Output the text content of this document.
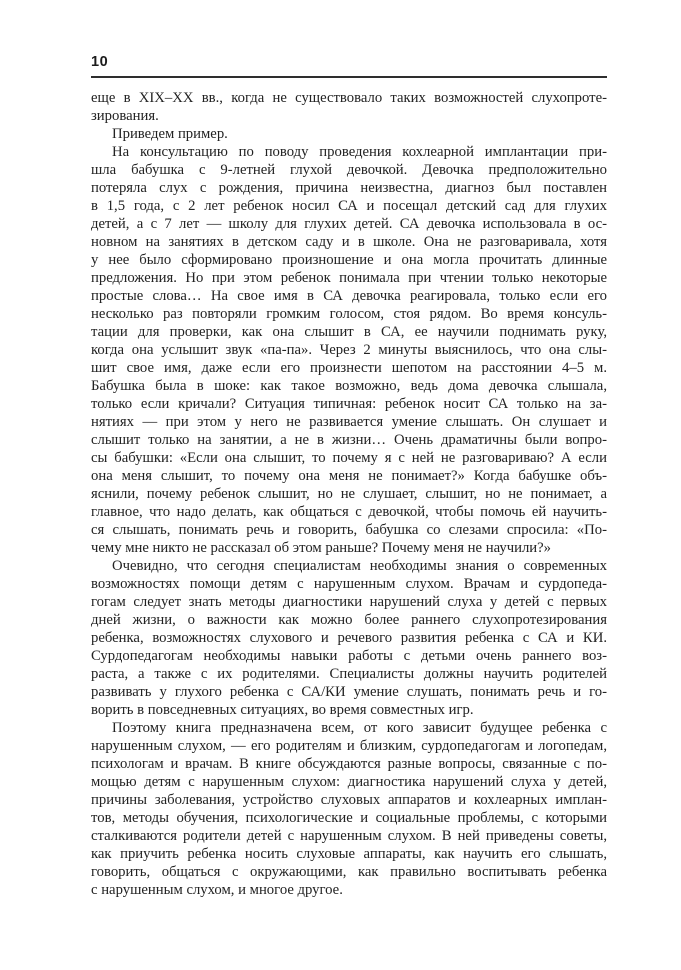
10
еще в XIX–XX вв., когда не существовало таких возможностей слухопроте-
зирования.
Приведем пример.
На консультацию по поводу проведения кохлеарной имплантации при-
шла бабушка с 9-летней глухой девочкой. Девочка предположительно
потеряла слух с рождения, причина неизвестна, диагноз был поставлен
в 1,5 года, с 2 лет ребенок носил СА и посещал детский сад для глухих
детей, а с 7 лет — школу для глухих детей. СА девочка использовала в ос-
новном на занятиях в детском саду и в школе. Она не разговаривала, хотя
у нее было сформировано произношение и она могла прочитать длинные
предложения. Но при этом ребенок понимала при чтении только некоторые
простые слова… На свое имя в СА девочка реагировала, только если его
несколько раз повторяли громким голосом, стоя рядом. Во время консуль-
тации для проверки, как она слышит в СА, ее научили поднимать руку,
когда она услышит звук «па-па». Через 2 минуты выяснилось, что она слы-
шит свое имя, даже если его произнести шепотом на расстоянии 4–5 м.
Бабушка была в шоке: как такое возможно, ведь дома девочка слышала,
только если кричали? Ситуация типичная: ребенок носит СА только на за-
нятиях — при этом у него не развивается умение слышать. Он слушает и
слышит только на занятии, а не в жизни… Очень драматичны были вопро-
сы бабушки: «Если она слышит, то почему я с ней не разговариваю? А если
она меня слышит, то почему она меня не понимает?» Когда бабушке объ-
яснили, почему ребенок слышит, но не слушает, слышит, но не понимает, а
главное, что надо делать, как общаться с девочкой, чтобы помочь ей научить-
ся слышать, понимать речь и говорить, бабушка со слезами спросила: «По-
чему мне никто не рассказал об этом раньше? Почему меня не научили?»
Очевидно, что сегодня специалистам необходимы знания о современных
возможностях помощи детям с нарушенным слухом. Врачам и сурдопеда-
гогам следует знать методы диагностики нарушений слуха у детей с первых
дней жизни, о важности как можно более раннего слухопротезирования
ребенка, возможностях слухового и речевого развития ребенка с СА и КИ.
Сурдопедагогам необходимы навыки работы с детьми очень раннего воз-
раста, а также с их родителями. Специалисты должны научить родителей
развивать у глухого ребенка с СА/КИ умение слушать, понимать речь и го-
ворить в повседневных ситуациях, во время совместных игр.
Поэтому книга предназначена всем, от кого зависит будущее ребенка с
нарушенным слухом, — его родителям и близким, сурдопедагогам и логопедам,
психологам и врачам. В книге обсуждаются разные вопросы, связанные с по-
мощью детям с нарушенным слухом: диагностика нарушений слуха у детей,
причины заболевания, устройство слуховых аппаратов и кохлеарных имплан-
тов, методы обучения, психологические и социальные проблемы, с которыми
сталкиваются родители детей с нарушенным слухом. В ней приведены советы,
как приучить ребенка носить слуховые аппараты, как научить его слышать,
говорить, общаться с окружающими, как правильно воспитывать ребенка
с нарушенным слухом, и многое другое.
